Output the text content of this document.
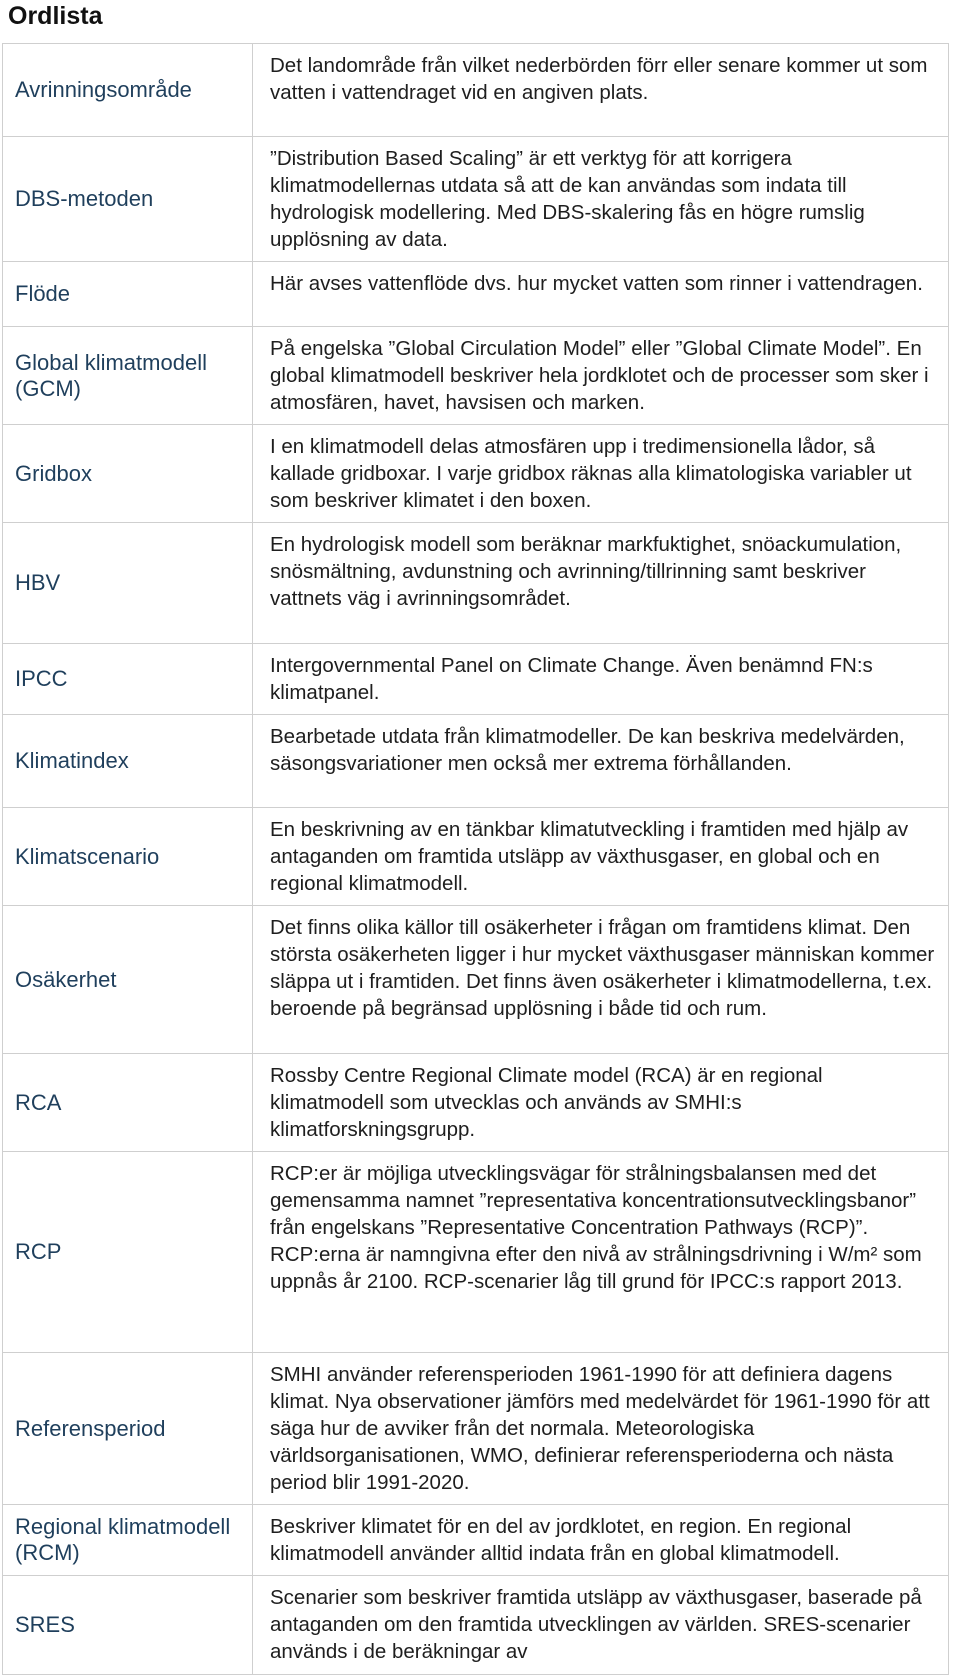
Ordlista
Avrinningsområde	Det landområde från vilket nederbörden förr eller senare kommer ut som vatten i vattendraget vid en angiven plats.

DBS-metoden	”Distribution Based Scaling” är ett verktyg för att korrigera klimatmodellernas utdata så att de kan användas som indata till hydrologisk modellering. Med DBS-skalering fås en högre rumslig upplösning av data.

Flöde	Här avses vattenflöde dvs. hur mycket vatten som rinner i vattendragen.

Global klimatmodell (GCM)	På engelska ”Global Circulation Model” eller ”Global Climate Model”. En global klimatmodell beskriver hela jordklotet och de processer som sker i atmosfären, havet, havsisen och marken.

Gridbox	I en klimatmodell delas atmosfären upp i tredimensionella lådor, så kallade gridboxar. I varje gridbox räknas alla klimatologiska variabler ut som beskriver klimatet i den boxen.

HBV	En hydrologisk modell som beräknar markfuktighet, snöackumulation, snösmältning, avdunstning och avrinning/tillrinning samt beskriver vattnets väg i avrinningsområdet.

IPCC	Intergovernmental Panel on Climate Change. Även benämnd FN:s klimatpanel.

Klimatindex	Bearbetade utdata från klimatmodeller. De kan beskriva medelvärden, säsongsvariationer men också mer extrema förhållanden.

Klimatscenario	En beskrivning av en tänkbar klimatutveckling i framtiden med hjälp av antaganden om framtida utsläpp av växthusgaser, en global och en regional klimatmodell.

Osäkerhet	Det finns olika källor till osäkerheter i frågan om framtidens klimat. Den största osäkerheten ligger i hur mycket växthusgaser människan kommer släppa ut i framtiden. Det finns även osäkerheter i klimatmodellerna, t.ex. beroende på begränsad upplösning i både tid och rum.

RCA	Rossby Centre Regional Climate model (RCA) är en regional klimatmodell som utvecklas och används av SMHI:s klimatforskningsgrupp.

RCP	RCP:er är möjliga utvecklingsvägar för strålningsbalansen med det gemensamma namnet ”representativa koncentrationsutvecklingsbanor” från engelskans ”Representative Concentration Pathways (RCP)”. RCP:erna är namngivna efter den nivå av strålningsdrivning i W/m² som uppnås år 2100. RCP-scenarier låg till grund för IPCC:s rapport 2013.

Referensperiod	SMHI använder referensperioden 1961-1990 för att definiera dagens klimat. Nya observationer jämförs med medelvärdet för 1961-1990 för att säga hur de avviker från det normala. Meteorologiska världsorganisationen, WMO, definierar referensperioderna och nästa period blir 1991-2020.

Regional klimatmodell (RCM)	Beskriver klimatet för en del av jordklotet, en region. En regional klimatmodell använder alltid indata från en global klimatmodell.

SRES	Scenarier som beskriver framtida utsläpp av växthusgaser, baserade på antaganden om den framtida utvecklingen av världen. SRES-scenarier används i de beräkningar av
